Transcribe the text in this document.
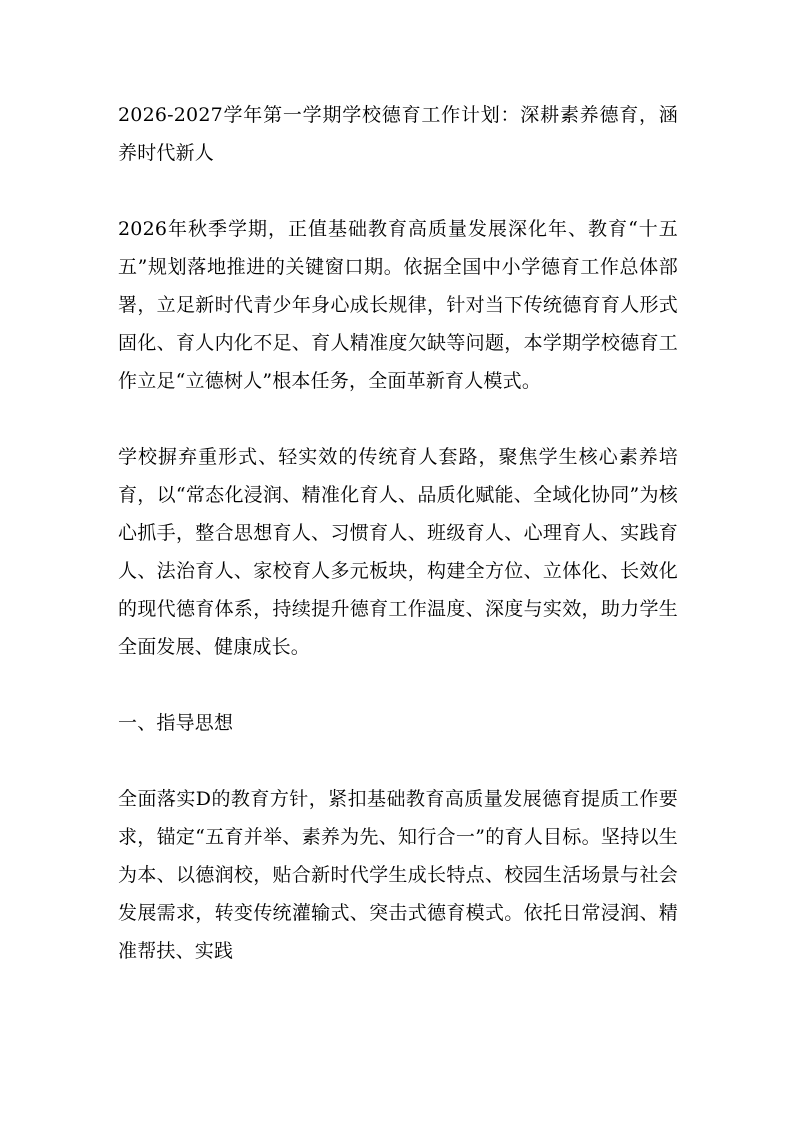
2026-2027学年第一学期学校德育工作计划：深耕素养德育，涵养时代新人

2026年秋季学期，正值基础教育高质量发展深化年、教育“十五五”规划落地推进的关键窗口期。依据全国中小学德育工作总体部署，立足新时代青少年身心成长规律，针对当下传统德育育人形式固化、育人内化不足、育人精准度欠缺等问题，本学期学校德育工作立足“立德树人”根本任务，全面革新育人模式。

学校摒弃重形式、轻实效的传统育人套路，聚焦学生核心素养培育，以“常态化浸润、精准化育人、品质化赋能、全域化协同”为核心抓手，整合思想育人、习惯育人、班级育人、心理育人、实践育人、法治育人、家校育人多元板块，构建全方位、立体化、长效化的现代德育体系，持续提升德育工作温度、深度与实效，助力学生全面发展、健康成长。

一、指导思想

全面落实D的教育方针，紧扣基础教育高质量发展德育提质工作要求，锚定“五育并举、素养为先、知行合一”的育人目标。坚持以生为本、以德润校，贴合新时代学生成长特点、校园生活场景与社会发展需求，转变传统灌输式、突击式德育模式。依托日常浸润、精准帮扶、实践
